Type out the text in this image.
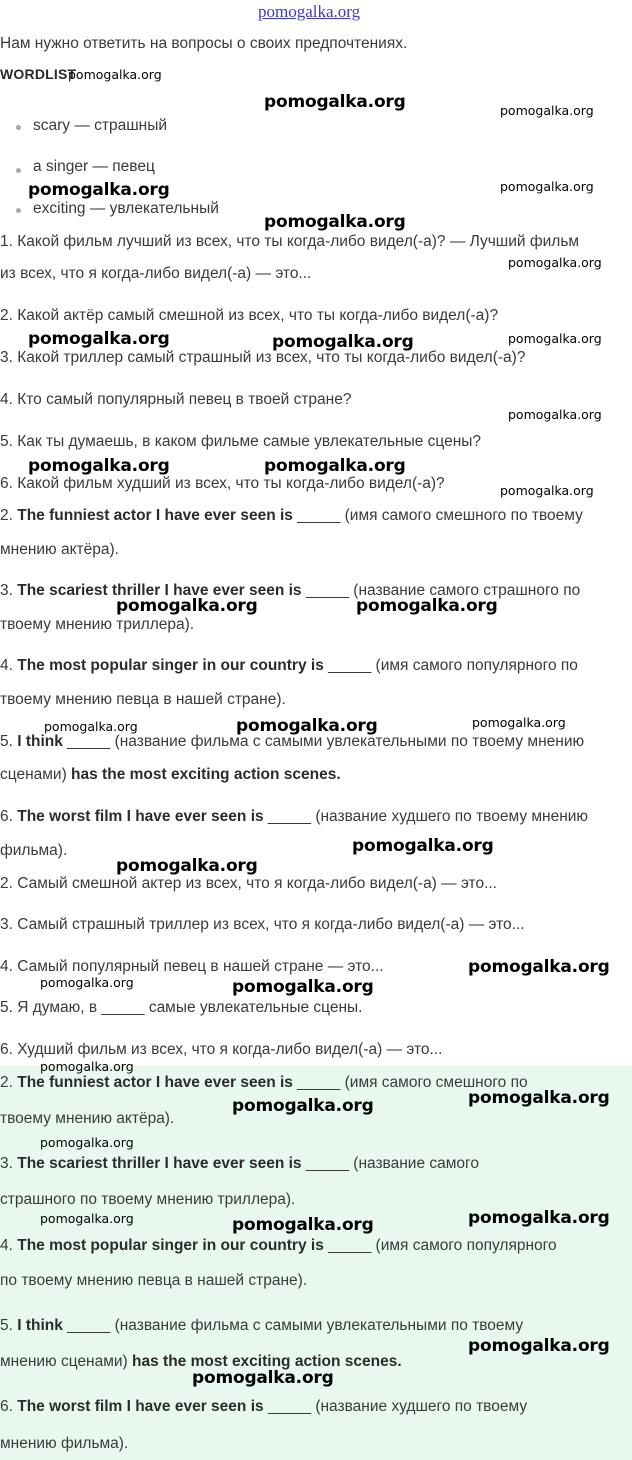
pomogalka.org
Нам нужно ответить на вопросы о своих предпочтениях.
WORDLIST
scary — страшный
a singer — певец
exciting — увлекательный
1. Какой фильм лучший из всех, что ты когда-либо видел(-а)? — Лучший фильм
из всех, что я когда-либо видел(-а) — это...
2. Какой актёр самый смешной из всех, что ты когда-либо видел(-а)?
3. Какой триллер самый страшный из всех, что ты когда-либо видел(-а)?
4. Кто самый популярный певец в твоей стране?
5. Как ты думаешь, в каком фильме самые увлекательные сцены?
6. Какой фильм худший из всех, что ты когда-либо видел(-а)?
2. The funniest actor I have ever seen is _____ (имя самого смешного по твоему
мнению актёра).
3. The scariest thriller I have ever seen is _____ (название самого страшного по
твоему мнению триллера).
4. The most popular singer in our country is _____ (имя самого популярного по
твоему мнению певца в нашей стране).
5. I think _____ (название фильма с самыми увлекательными по твоему мнению
сценами) has the most exciting action scenes.
6. The worst film I have ever seen is _____ (название худшего по твоему мнению
фильма).
2. Самый смешной актер из всех, что я когда-либо видел(-а) — это...
3. Самый страшный триллер из всех, что я когда-либо видел(-а) — это...
4. Самый популярный певец в нашей стране — это...
5. Я думаю, в _____ самые увлекательные сцены.
6. Худший фильм из всех, что я когда-либо видел(-а) — это...
2. The funniest actor I have ever seen is _____ (имя самого смешного по
твоему мнению актёра).
3. The scariest thriller I have ever seen is _____ (название самого
страшного по твоему мнению триллера).
4. The most popular singer in our country is _____ (имя самого популярного
по твоему мнению певца в нашей стране).
5. I think _____ (название фильма с самыми увлекательными по твоему
мнению сценами) has the most exciting action scenes.
6. The worst film I have ever seen is _____ (название худшего по твоему
мнению фильма).
pomogalka.org
pomogalka.org	pomogalka.org
pomogalka.org	pomogalka.org
pomogalka.org
pomogalka.org
pomogalka.org	pomogalka.org	pomogalka.org
pomogalka.org
pomogalka.org	pomogalka.org
pomogalka.org
pomogalka.org	pomogalka.org
pomogalka.org	pomogalka.org	pomogalka.org
pomogalka.org
pomogalka.org
pomogalka.org
pomogalka.org	pomogalka.org
pomogalka.org
pomogalka.org
pomogalka.org
pomogalka.org
pomogalka.org	pomogalka.org
pomogalka.org
pomogalka.org
pomogalka.org
